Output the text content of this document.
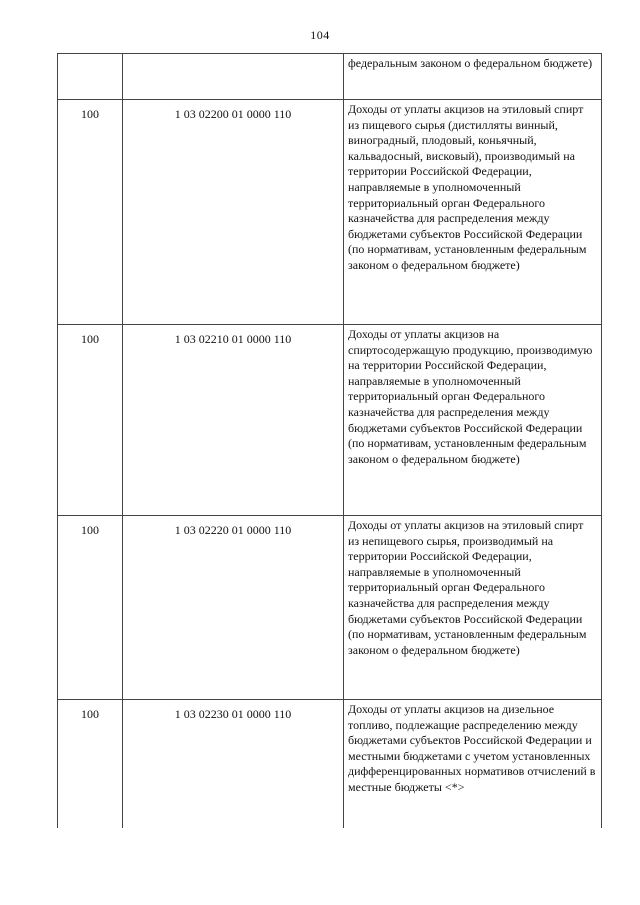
104
		федеральным законом о федеральном бюджете)
100	1 03 02200 01 0000 110	Доходы от уплаты акцизов на этиловый спирт из пищевого сырья (дистилляты винный, виноградный, плодовый, коньячный, кальвадосный, висковый), производимый на территории Российской Федерации, направляемые в уполномоченный территориальный орган Федерального казначейства для распределения между бюджетами субъектов Российской Федерации (по нормативам, установленным федеральным законом о федеральном бюджете)
100	1 03 02210 01 0000 110	Доходы от уплаты акцизов на спиртосодержащую продукцию, производимую на территории Российской Федерации, направляемые в уполномоченный территориальный орган Федерального казначейства для распределения между бюджетами субъектов Российской Федерации (по нормативам, установленным федеральным законом о федеральном бюджете)
100	1 03 02220 01 0000 110	Доходы от уплаты акцизов на этиловый спирт из непищевого сырья, производимый на территории Российской Федерации, направляемые в уполномоченный территориальный орган Федерального казначейства для распределения между бюджетами субъектов Российской Федерации (по нормативам, установленным федеральным законом о федеральном бюджете)
100	1 03 02230 01 0000 110	Доходы от уплаты акцизов на дизельное топливо, подлежащие распределению между бюджетами субъектов Российской Федерации и местными бюджетами с учетом установленных дифференцированных нормативов отчислений в местные бюджеты <*>
